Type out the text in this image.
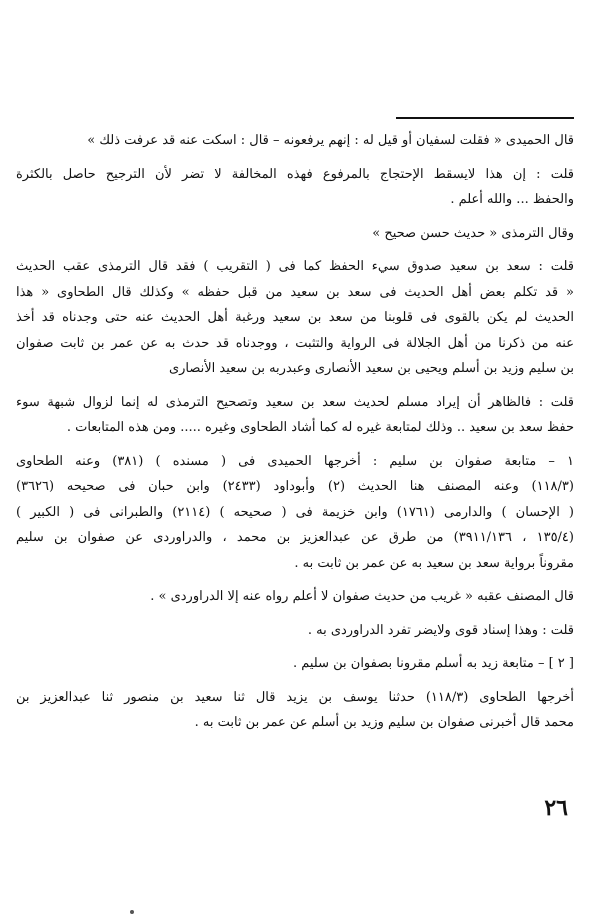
قال الحميدى « فقلت لسفيان أو قيل له : إنهم يرفعونه – قال : اسكت عنه قد عرفت ذلك »

قلت : إن هذا لايسقط الإحتجاج بالمرفوع فهذه المخالفة لا تضر لأن الترجيح حاصل بالكثرة
والحفظ ... والله أعلم .

وقال الترمذى « حديث حسن صحيح »

قلت : سعد بن سعيد صدوق سيء الحفظ كما فى ( التقريب ) فقد قال الترمذى عقب الحديث
« قد تكلم بعض أهل الحديث فى سعد بن سعيد من قبل حفظه » وكذلك قال الطحاوى « هذا
الحديث لم يكن بالقوى فى قلوبنا من سعد بن سعيد ورغبة أهل الحديث عنه حتى وجدناه قد أخذ
عنه من ذكرنا من أهل الجلالة فى الرواية والتثبت ، ووجدناه قد حدث به عن عمر بن ثابت صفوان
بن سليم وزيد بن أسلم ويحيى بن سعيد الأنصارى وعبدربه بن سعيد الأنصارى

قلت : فالظاهر أن إيراد مسلم لحديث سعد بن سعيد وتصحيح الترمذى له إنما لزوال شبهة سوء
حفظ سعد بن سعيد .. وذلك لمتابعة غيره له كما أشاد الطحاوى وغيره ..... ومن هذه المتابعات .

١ – متابعة صفوان بن سليم : أخرجها الحميدى فى ( مسنده ) (٣٨١) وعنه الطحاوى
(١١٨/٣) وعنه المصنف هنا الحديث (٢) وأبوداود (٢٤٣٣) وابن حبان فى صحيحه (٣٦٢٦)
( الإحسان ) والدارمى (١٧٦١) وابن خزيمة فى ( صحيحه ) (٢١١٤) والطبرانى فى ( الكبير )
(١٣٥/٤ ، ٣٩١١/١٣٦) من طرق عن عبدالعزيز بن محمد ، والدراوردى عن صفوان بن سليم
مقروناً برواية سعد بن سعيد به عن عمر بن ثابت به .

قال المصنف عقبه « غريب من حديث صفوان لا أعلم رواه عنه إلا الدراوردى » .

قلت : وهذا إسناد قوى ولايضر تفرد الدراوردى به .

[ ٢ ] – متابعة زيد به أسلم مقرونا بصفوان بن سليم .

أخرجها الطحاوى (١١٨/٣) حدثنا يوسف بن يزيد قال ثنا سعيد بن منصور ثنا عبدالعزيز بن
محمد قال أخبرنى صفوان بن سليم وزيد بن أسلم عن عمر بن ثابت به .

٢٦
